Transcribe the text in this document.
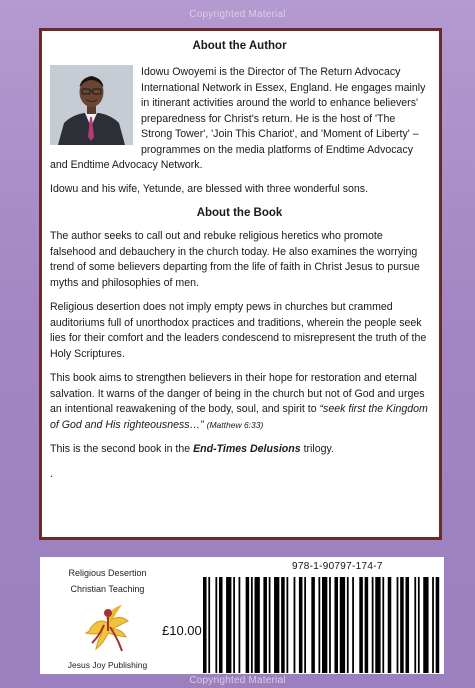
Copyrighted Material
About the Author

Idowu Owoyemi is the Director of The Return Advocacy International Network in Essex, England. He engages mainly in itinerant activities around the world to enhance believers' preparedness for Christ's return. He is the host of 'The Strong Tower', 'Join This Chariot', and 'Moment of Liberty' – programmes on the media platforms of Endtime Advocacy and Endtime Advocacy Network.

Idowu and his wife, Yetunde, are blessed with three wonderful sons.

About the Book

The author seeks to call out and rebuke religious heretics who promote falsehood and debauchery in the church today. He also examines the worrying trend of some believers departing from the life of faith in Christ Jesus to pursue myths and philosophies of men.

Religious desertion does not imply empty pews in churches but crammed auditoriums full of unorthodox practices and traditions, wherein the people seek lies for their comfort and the leaders condescend to misrepresent the truth of the Holy Scriptures.

This book aims to strengthen believers in their hope for restoration and eternal salvation. It warns of the danger of being in the church but not of God and urges an intentional reawakening of the body, soul, and spirit to “seek first the Kingdom of God and His righteousness…” (Matthew 6:33)

This is the second book in the End-Times Delusions trilogy.

.
Religious Desertion
Christian Teaching
Jesus Joy Publishing
£10.00
978-1-90797-174-7
Copyrighted Material
